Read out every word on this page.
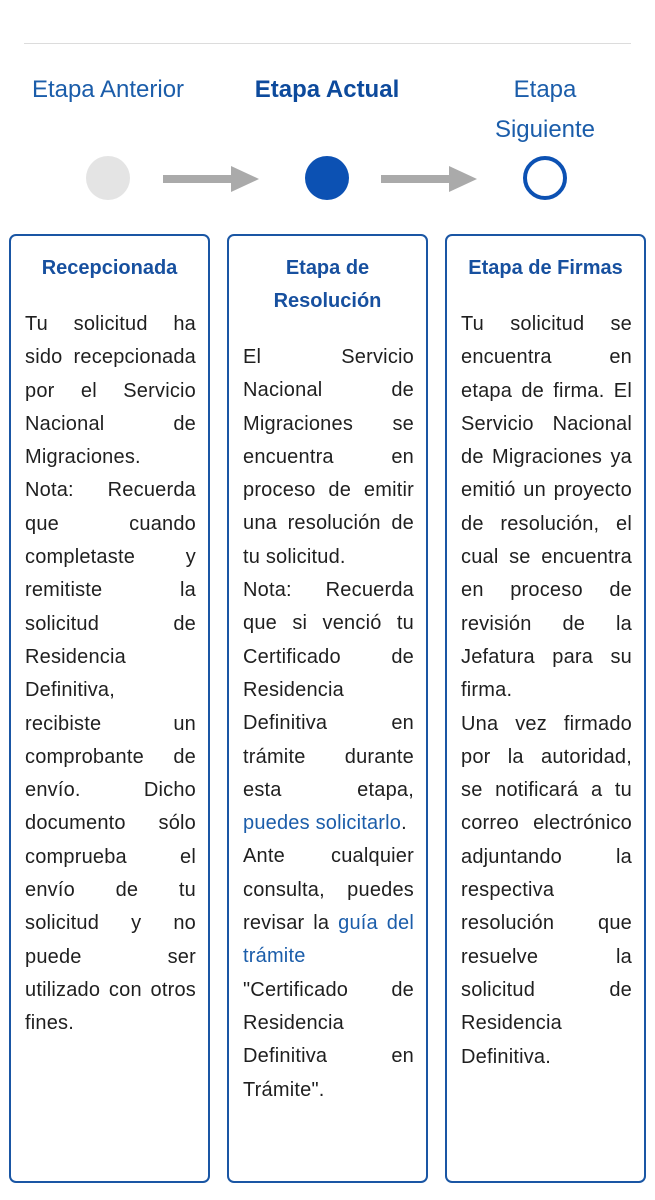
Etapa Anterior	Etapa Actual	Etapa
Siguiente
Recepcionada

Tu solicitud ha sido recepcionada por el Servicio Nacional de Migraciones.

Nota: Recuerda que cuando completaste y remitiste la solicitud de Residencia Definitiva, recibiste un comprobante de envío. Dicho documento sólo comprueba el envío de tu solicitud y no puede ser utilizado con otros fines.

Etapa de
Resolución

El Servicio Nacional de Migraciones se encuentra en proceso de emitir una resolución de tu solicitud.

Nota: Recuerda que si venció tu Certificado de Residencia Definitiva en trámite durante esta etapa, puedes solicitarlo.

Ante cualquier consulta, puedes revisar la guía del trámite

"Certificado de Residencia Definitiva en Trámite".

Etapa de Firmas

Tu solicitud se encuentra en etapa de firma. El Servicio Nacional de Migraciones ya emitió un proyecto de resolución, el cual se encuentra en proceso de revisión de la Jefatura para su firma.

Una vez firmado por la autoridad, se notificará a tu correo electrónico adjuntando la respectiva resolución que resuelve la solicitud de Residencia Definitiva.
